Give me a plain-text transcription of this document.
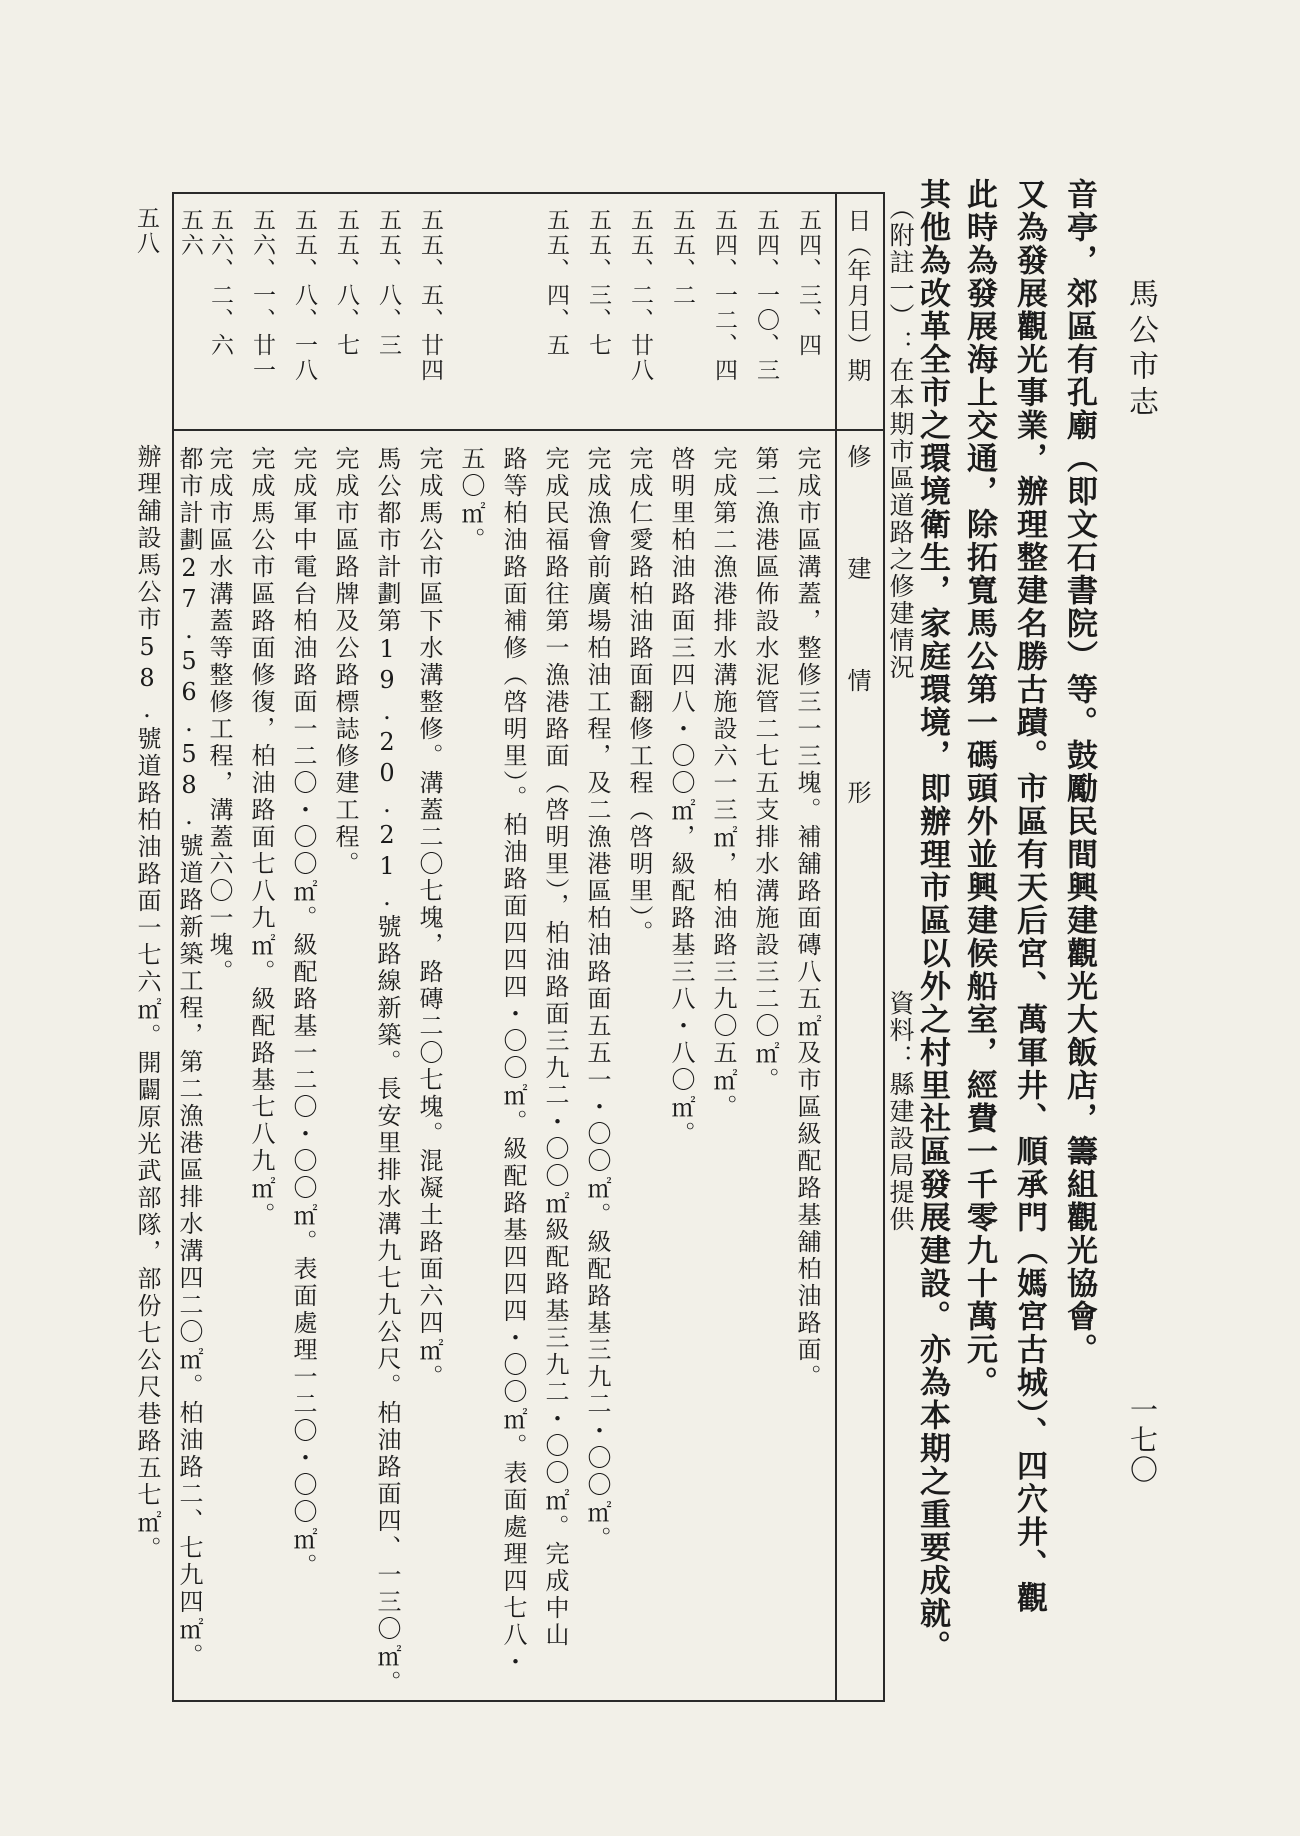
馬公市志
一七〇
此時為發展海上交通，除拓寬馬公第一碼頭外並興建候船室，經費一千零九十萬元。 又為發展觀光事業，辦理整建名勝古蹟。市區有天后宮、萬軍井、順承門（媽宮古城）、四穴井、觀 音亭，郊區有孔廟（即文石書院）等。鼓勵民間興建觀光大飯店，籌組觀光協會。
其他為改革全市之環境衛生，家庭環境，即辦理市區以外之村里社區發展建設。亦為本期之重要成就。
（附註一）：在本期市區道路之修建情況
資料：縣建設局提供
日（年月日）期
修建情形
五四、三、四
完成市區溝蓋，整修三一三塊。補舖路面磚八五㎡及市區級配路基舖柏油路面。
五四、一〇、三
第二漁港區佈設水泥管二七五支排水溝施設三二〇㎡。
五四、一二、四
完成第二漁港排水溝施設六一三㎡，柏油路三九〇五㎡。
五五、二
啓明里柏油路面三四八・〇〇㎡，級配路基三八・八〇㎡。
五五、二、廿八
完成仁愛路柏油路面翻修工程（啓明里）。
五五、三、七
完成漁會前廣場柏油工程，及二漁港區柏油路面五五一・〇〇㎡。級配路基三九二・〇〇㎡。
五五、四、五
完成民福路往第一漁港路面（啓明里），柏油路面三九二・〇〇㎡級配路基三九二・〇〇㎡。完成中山
路等柏油路面補修（啓明里）。柏油路面四四四・〇〇㎡。級配路基四四四・〇〇㎡。表面處理四七八・
五〇㎡。
五五、五、廿四
完成馬公市區下水溝整修。溝蓋二〇七塊，路磚二〇七塊。混凝土路面六四㎡。
五五、八、三
馬公都市計劃第19.20.21.號路線新築。長安里排水溝九七九公尺。柏油路面四、一三〇㎡。
五五、八、七
完成市區路牌及公路標誌修建工程。
五五、八、一八
完成軍中電台柏油路面一二〇・〇〇㎡。級配路基一二〇・〇〇㎡。表面處理一二〇・〇〇㎡。
五六、一、廿一
完成馬公市區路面修復，柏油路面七八九㎡。級配路基七八九㎡。
五六、二、六
完成市區水溝蓋等整修工程，溝蓋六〇一塊。
五六
都市計劃27.56.58.號道路新築工程，第二漁港區排水溝四二〇㎡。柏油路二、七九四㎡。
五八
辦理舖設馬公市58.號道路柏油路面一七六㎡。開闢原光武部隊，部份七公尺巷路五七㎡。
